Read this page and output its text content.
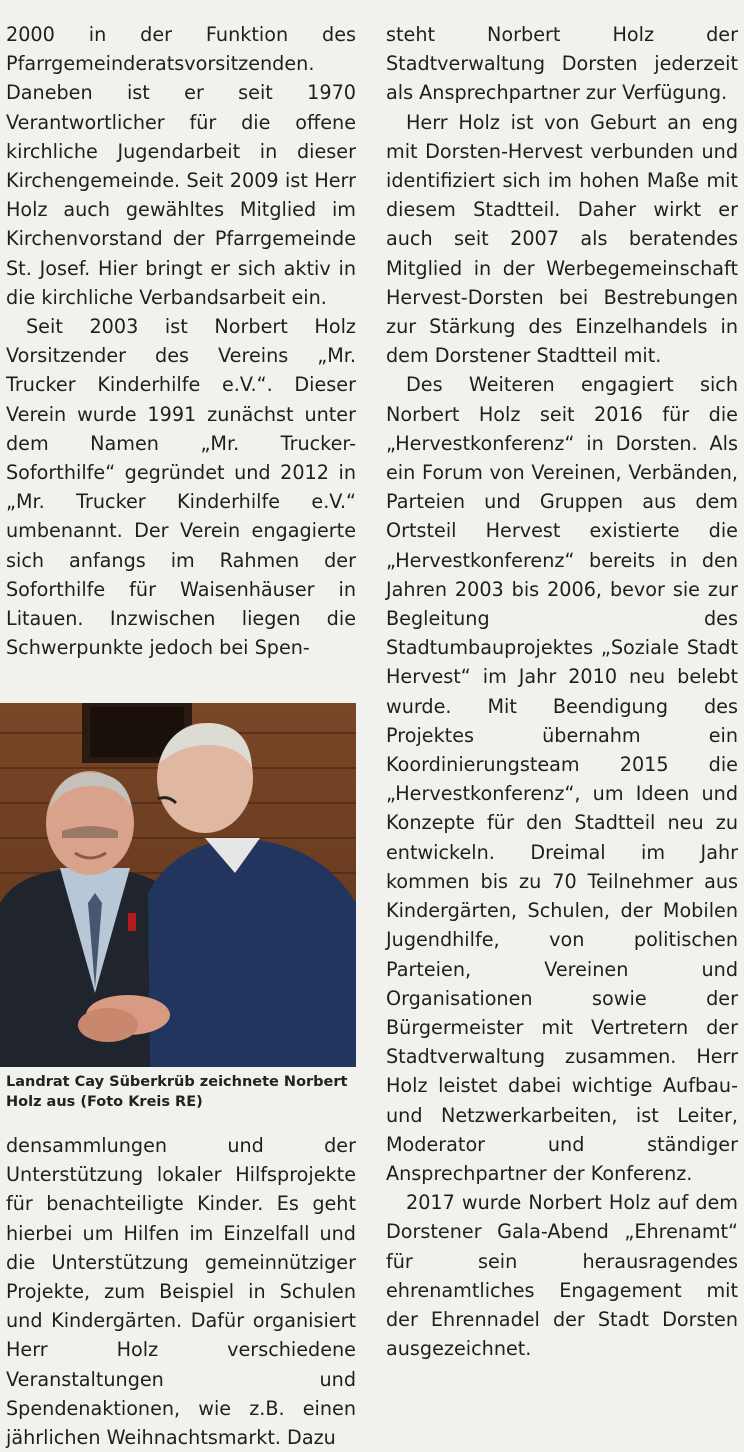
2000 in der Funktion des Pfarrgemeinderatsvorsitzenden. Daneben ist er seit 1970 Verantwortlicher für die offene kirchliche Jugendarbeit in dieser Kirchengemeinde. Seit 2009 ist Herr Holz auch gewähltes Mitglied im Kirchenvorstand der Pfarrgemeinde St. Josef. Hier bringt er sich aktiv in die kirchliche Verbandsarbeit ein.

Seit 2003 ist Norbert Holz Vorsitzender des Vereins „Mr. Trucker Kinderhilfe e.V.“. Dieser Verein wurde 1991 zunächst unter dem Namen „Mr. Trucker-Soforthilfe“ gegründet und 2012 in „Mr. Trucker Kinderhilfe e.V.“ umbenannt. Der Verein engagierte sich anfangs im Rahmen der Soforthilfe für Waisenhäuser in Litauen. Inzwischen liegen die Schwerpunkte jedoch bei Spen-

Landrat Cay Süberkrüb zeichnete Norbert Holz aus (Foto Kreis RE)

densammlungen und der Unterstützung lokaler Hilfsprojekte für benachteiligte Kinder. Es geht hierbei um Hilfen im Einzelfall und die Unterstützung gemeinnütziger Projekte, zum Beispiel in Schulen und Kindergärten. Dafür organisiert Herr Holz verschiedene Veranstaltungen und Spendenaktionen, wie z.B. einen jährlichen Weihnachtsmarkt. Dazu

steht Norbert Holz der Stadtverwaltung Dorsten jederzeit als Ansprechpartner zur Verfügung.

Herr Holz ist von Geburt an eng mit Dorsten-Hervest verbunden und identifiziert sich im hohen Maße mit diesem Stadtteil. Daher wirkt er auch seit 2007 als beratendes Mitglied in der Werbegemeinschaft Hervest-Dorsten bei Bestrebungen zur Stärkung des Einzelhandels in dem Dorstener Stadtteil mit.

Des Weiteren engagiert sich Norbert Holz seit 2016 für die „Hervestkonferenz“ in Dorsten. Als ein Forum von Vereinen, Verbänden, Parteien und Gruppen aus dem Ortsteil Hervest existierte die „Hervestkonferenz“ bereits in den Jahren 2003 bis 2006, bevor sie zur Begleitung des Stadtumbauprojektes „Soziale Stadt Hervest“ im Jahr 2010 neu belebt wurde. Mit Beendigung des Projektes übernahm ein Koordinierungsteam 2015 die „Hervestkonferenz“, um Ideen und Konzepte für den Stadtteil neu zu entwickeln. Dreimal im Jahr kommen bis zu 70 Teilnehmer aus Kindergärten, Schulen, der Mobilen Jugendhilfe, von politischen Parteien, Vereinen und Organisationen sowie der Bürgermeister mit Vertretern der Stadtverwaltung zusammen. Herr Holz leistet dabei wichtige Aufbau- und Netzwerkarbeiten, ist Leiter, Moderator und ständiger Ansprechpartner der Konferenz.

2017 wurde Norbert Holz auf dem Dorstener Gala-Abend „Ehrenamt“ für sein herausragendes ehrenamtliches Engagement mit der Ehrennadel der Stadt Dorsten ausgezeichnet.
